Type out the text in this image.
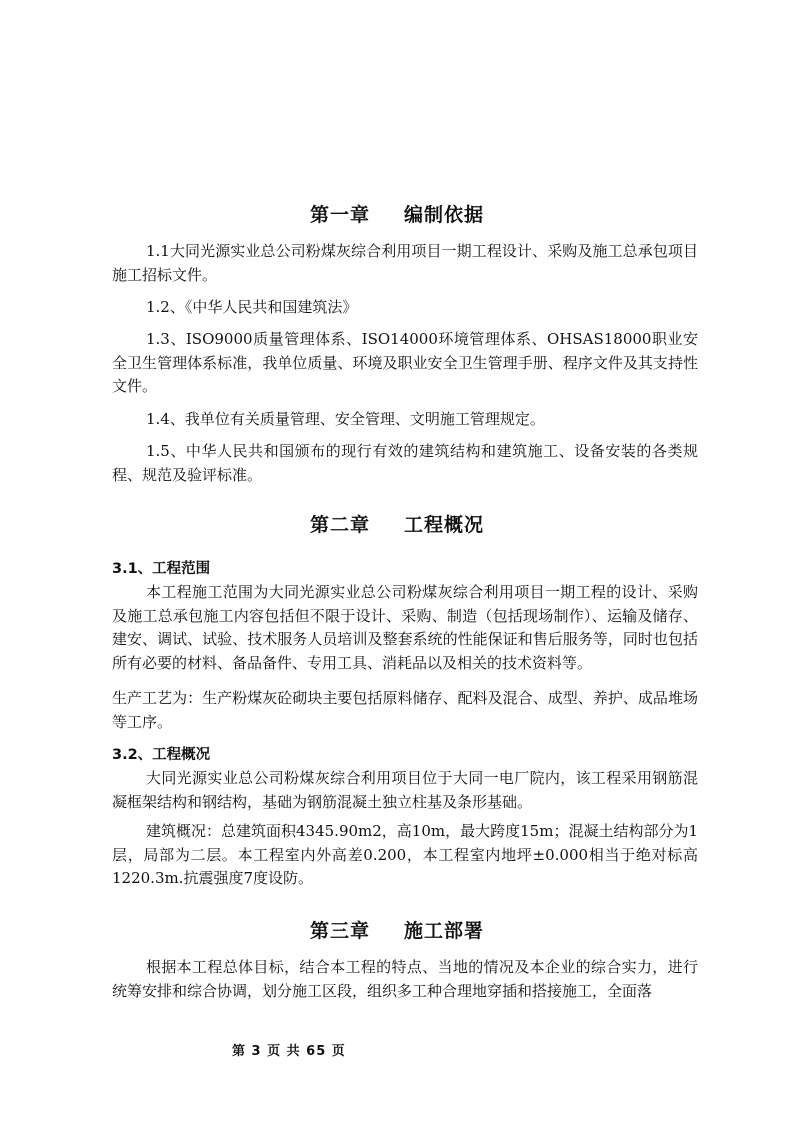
第一章 编制依据

1.1大同光源实业总公司粉煤灰综合利用项目一期工程设计、采购及施工总承包项目施工招标文件。

1.2、《中华人民共和国建筑法》

1.3、ISO9000质量管理体系、ISO14000环境管理体系、OHSAS18000职业安全卫生管理体系标准，我单位质量、环境及职业安全卫生管理手册、程序文件及其支持性文件。

1.4、我单位有关质量管理、安全管理、文明施工管理规定。

1.5、中华人民共和国颁布的现行有效的建筑结构和建筑施工、设备安装的各类规程、规范及验评标准。

第二章 工程概况
3.1、工程范围

本工程施工范围为大同光源实业总公司粉煤灰综合利用项目一期工程的设计、采购及施工总承包施工内容包括但不限于设计、采购、制造（包括现场制作）、运输及储存、建安、调试、试验、技术服务人员培训及整套系统的性能保证和售后服务等，同时也包括所有必要的材料、备品备件、专用工具、消耗品以及相关的技术资料等。

生产工艺为：生产粉煤灰砼砌块主要包括原料储存、配料及混合、成型、养护、成品堆场等工序。

3.2、工程概况

大同光源实业总公司粉煤灰综合利用项目位于大同一电厂院内，该工程采用钢筋混凝框架结构和钢结构，基础为钢筋混凝土独立柱基及条形基础。

建筑概况：总建筑面积4345.90m2，高10m，最大跨度15m；混凝土结构部分为1层，局部为二层。本工程室内外高差0.200，本工程室内地坪±0.000相当于绝对标高1220.3m.抗震强度7度设防。

第三章 施工部署

根据本工程总体目标，结合本工程的特点、当地的情况及本企业的综合实力，进行统筹安排和综合协调，划分施工区段，组织多工种合理地穿插和搭接施工，全面落

第 3 页 共 65 页
